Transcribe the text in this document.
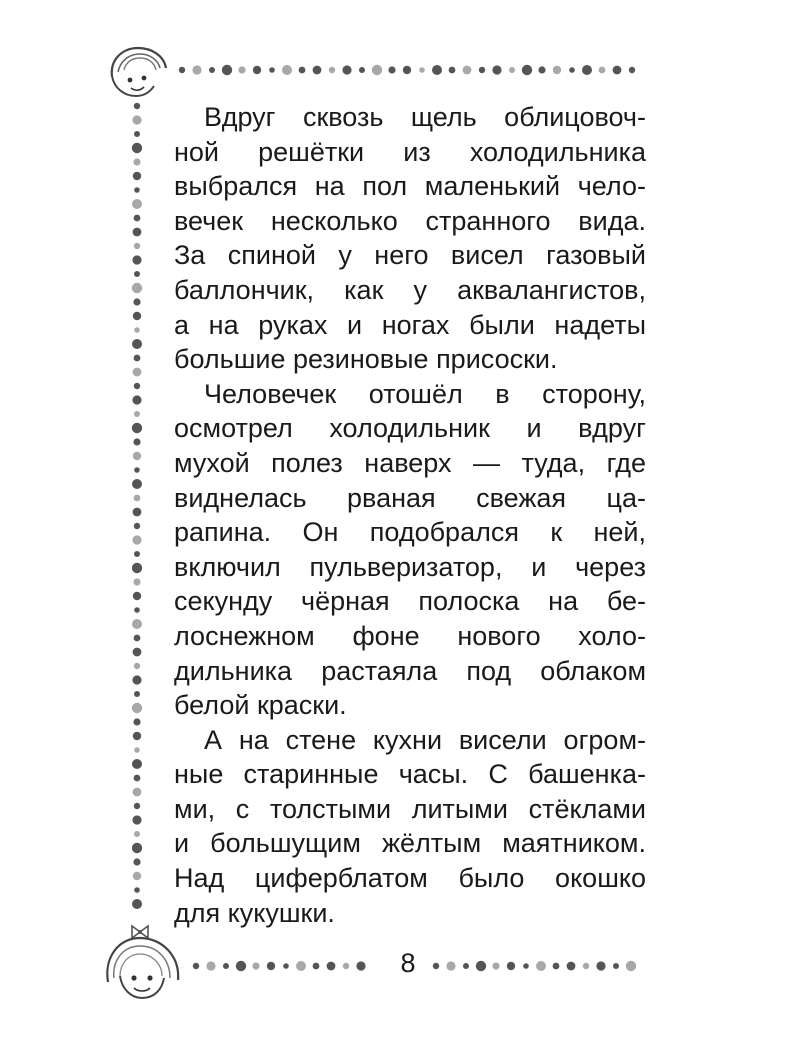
Вдруг сквозь щель облицовоч-
ной решётки из холодильника
выбрался на пол маленький чело-
вечек несколько странного вида.
За спиной у него висел газовый
баллончик, как у аквалангистов,
а на руках и ногах были надеты
большие резиновые присоски.
Человечек отошёл в сторону,
осмотрел холодильник и вдруг
мухой полез наверх — туда, где
виднелась рваная свежая ца-
рапина. Он подобрался к ней,
включил пульверизатор, и через
секунду чёрная полоска на бе-
лоснежном фоне нового холо-
дильника растаяла под облаком
белой краски.
А на стене кухни висели огром-
ные старинные часы. С башенка-
ми, с толстыми литыми стёклами
и большущим жёлтым маятником.
Над циферблатом было окошко
для кукушки.
8
